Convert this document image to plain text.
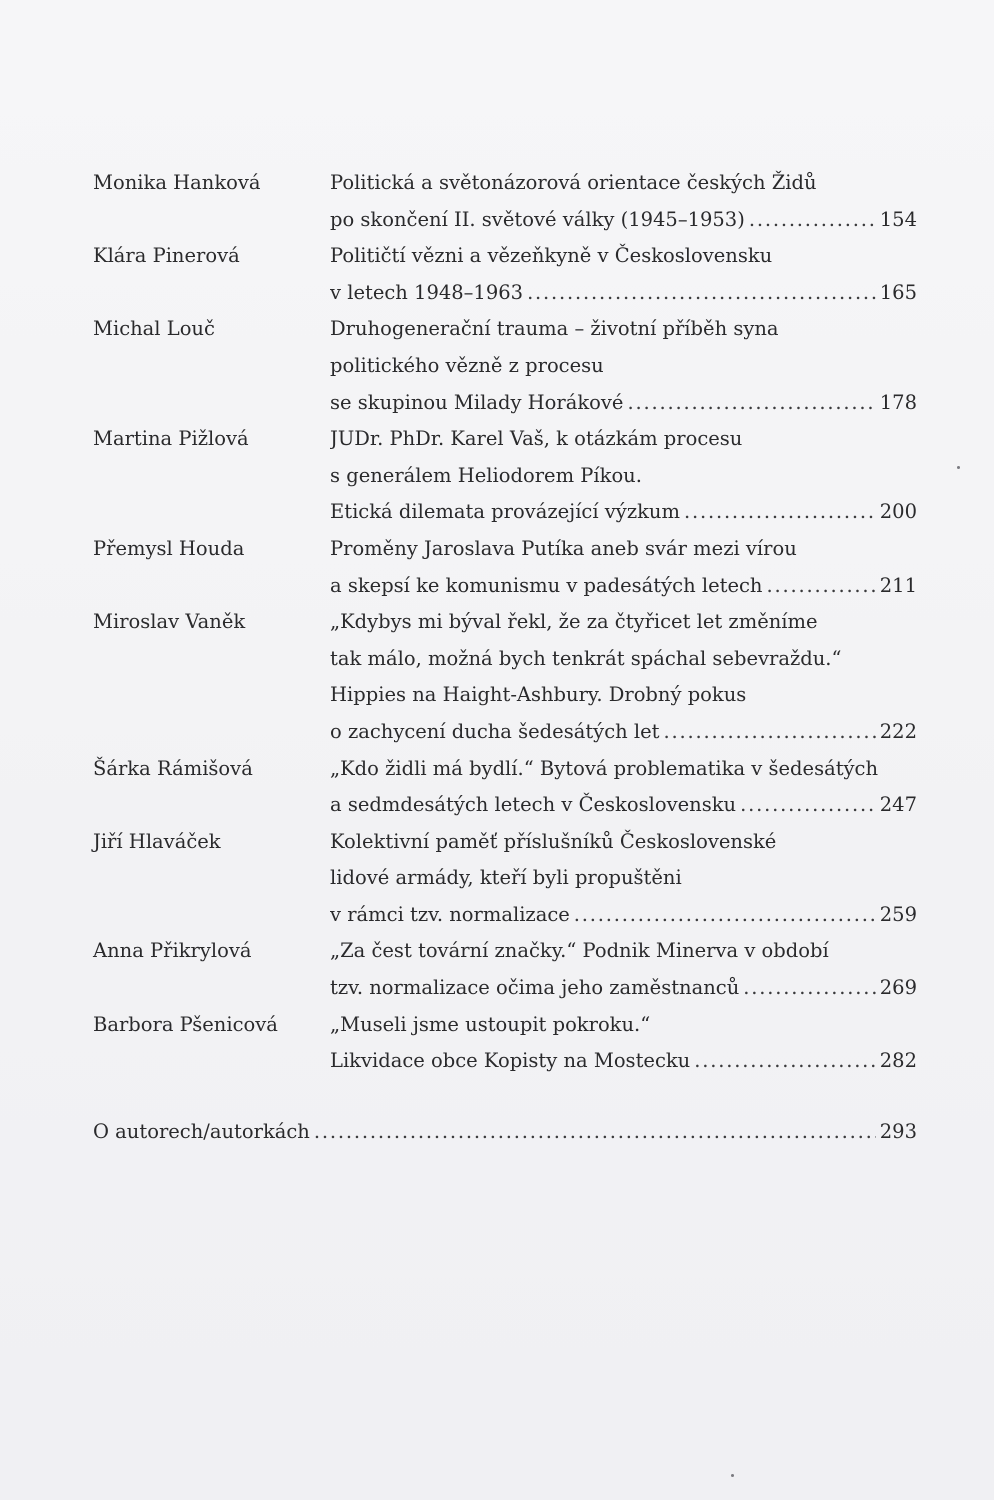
Monika Hanková	Politická a světonázorová orientace českých Židů
po skončení II. světové války (1945–1953) . . .	154
Klára Pinerová	Političtí vězni a vězeňkyně v Československu
v letech 1948–1963 . . .	165
Michal Louč	Druhogenerační trauma – životní příběh syna
politického vězně z procesu
se skupinou Milady Horákové . . .	178
Martina Pižlová	JUDr. PhDr. Karel Vaš, k otázkám procesu
s generálem Heliodorem Píkou.
Etická dilemata provázející výzkum . . .	200
Přemysl Houda	Proměny Jaroslava Putíka aneb svár mezi vírou
a skepsí ke komunismu v padesátých letech . . .	211
Miroslav Vaněk	„Kdybys mi býval řekl, že za čtyřicet let změníme
tak málo, možná bych tenkrát spáchal sebevraždu.“
Hippies na Haight-Ashbury. Drobný pokus
o zachycení ducha šedesátých let . . .	222
Šárka Rámišová	„Kdo židli má bydlí.“ Bytová problematika v šedesátých
a sedmdesátých letech v Československu . . .	247
Jiří Hlaváček	Kolektivní paměť příslušníků Československé
lidové armády, kteří byli propuštěni
v rámci tzv. normalizace . . .	259
Anna Přikrylová	„Za čest tovární značky.“ Podnik Minerva v období
tzv. normalizace očima jeho zaměstnanců . . .	269
Barbora Pšenicová	„Museli jsme ustoupit pokroku.“
Likvidace obce Kopisty na Mostecku . . .	282
O autorech/autorkách . . .	293
